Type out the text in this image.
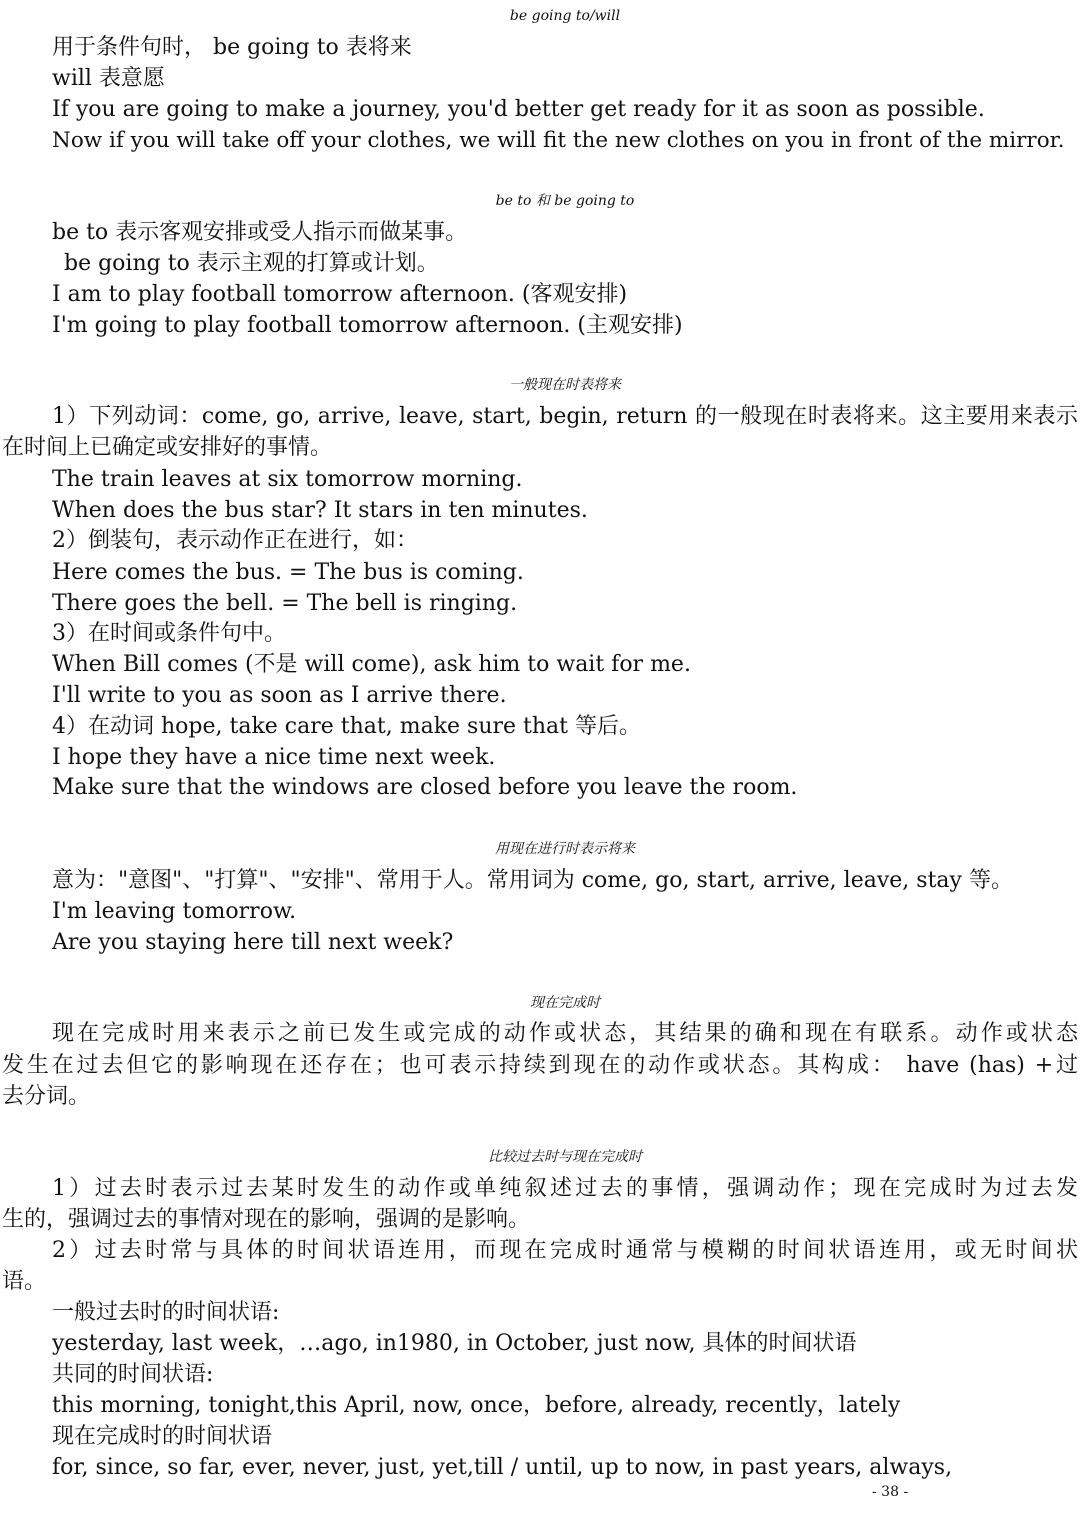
be going to/will

用于条件句时， be going to 表将来

will 表意愿

If you are going to make a journey, you'd better get ready for it as soon as possible.

Now if you will take off your clothes, we will fit the new clothes on you in front of the mirror.

be to 和 be going to

be to 表示客观安排或受人指示而做某事。

be going to 表示主观的打算或计划。

I am to play football tomorrow afternoon. (客观安排)

I'm going to play football tomorrow afternoon. (主观安排)

一般现在时表将来

1）下列动词：come, go, arrive, leave, start, begin, return 的一般现在时表将来。这主要用来表示

在时间上已确定或安排好的事情。

The train leaves at six tomorrow morning.

When does the bus star? It stars in ten minutes.

2）倒装句，表示动作正在进行，如：

Here comes the bus. = The bus is coming.

There goes the bell. = The bell is ringing.

3）在时间或条件句中。

When Bill comes (不是 will come), ask him to wait for me.

I'll write to you as soon as I arrive there.

4）在动词 hope, take care that, make sure that 等后。

I hope they have a nice time next week.

Make sure that the windows are closed before you leave the room.

用现在进行时表示将来

意为："意图"、"打算"、"安排"、常用于人。常用词为 come, go, start, arrive, leave, stay 等。

I'm leaving tomorrow.

Are you staying here till next week?

现在完成时

现在完成时用来表示之前已发生或完成的动作或状态，其结果的确和现在有联系。动作或状态

发生在过去但它的影响现在还存在；也可表示持续到现在的动作或状态。其构成： have (has) +过

去分词。

比较过去时与现在完成时

1）过去时表示过去某时发生的动作或单纯叙述过去的事情，强调动作；现在完成时为过去发

生的，强调过去的事情对现在的影响，强调的是影响。

2）过去时常与具体的时间状语连用，而现在完成时通常与模糊的时间状语连用，或无时间状

语。

一般过去时的时间状语:

yesterday, last week，…ago, in1980, in October, just now, 具体的时间状语

共同的时间状语:

this morning, tonight,this April, now, once，before, already, recently，lately

现在完成时的时间状语

for, since, so far, ever, never, just, yet,till / until, up to now, in past years, always,

- 38 -
